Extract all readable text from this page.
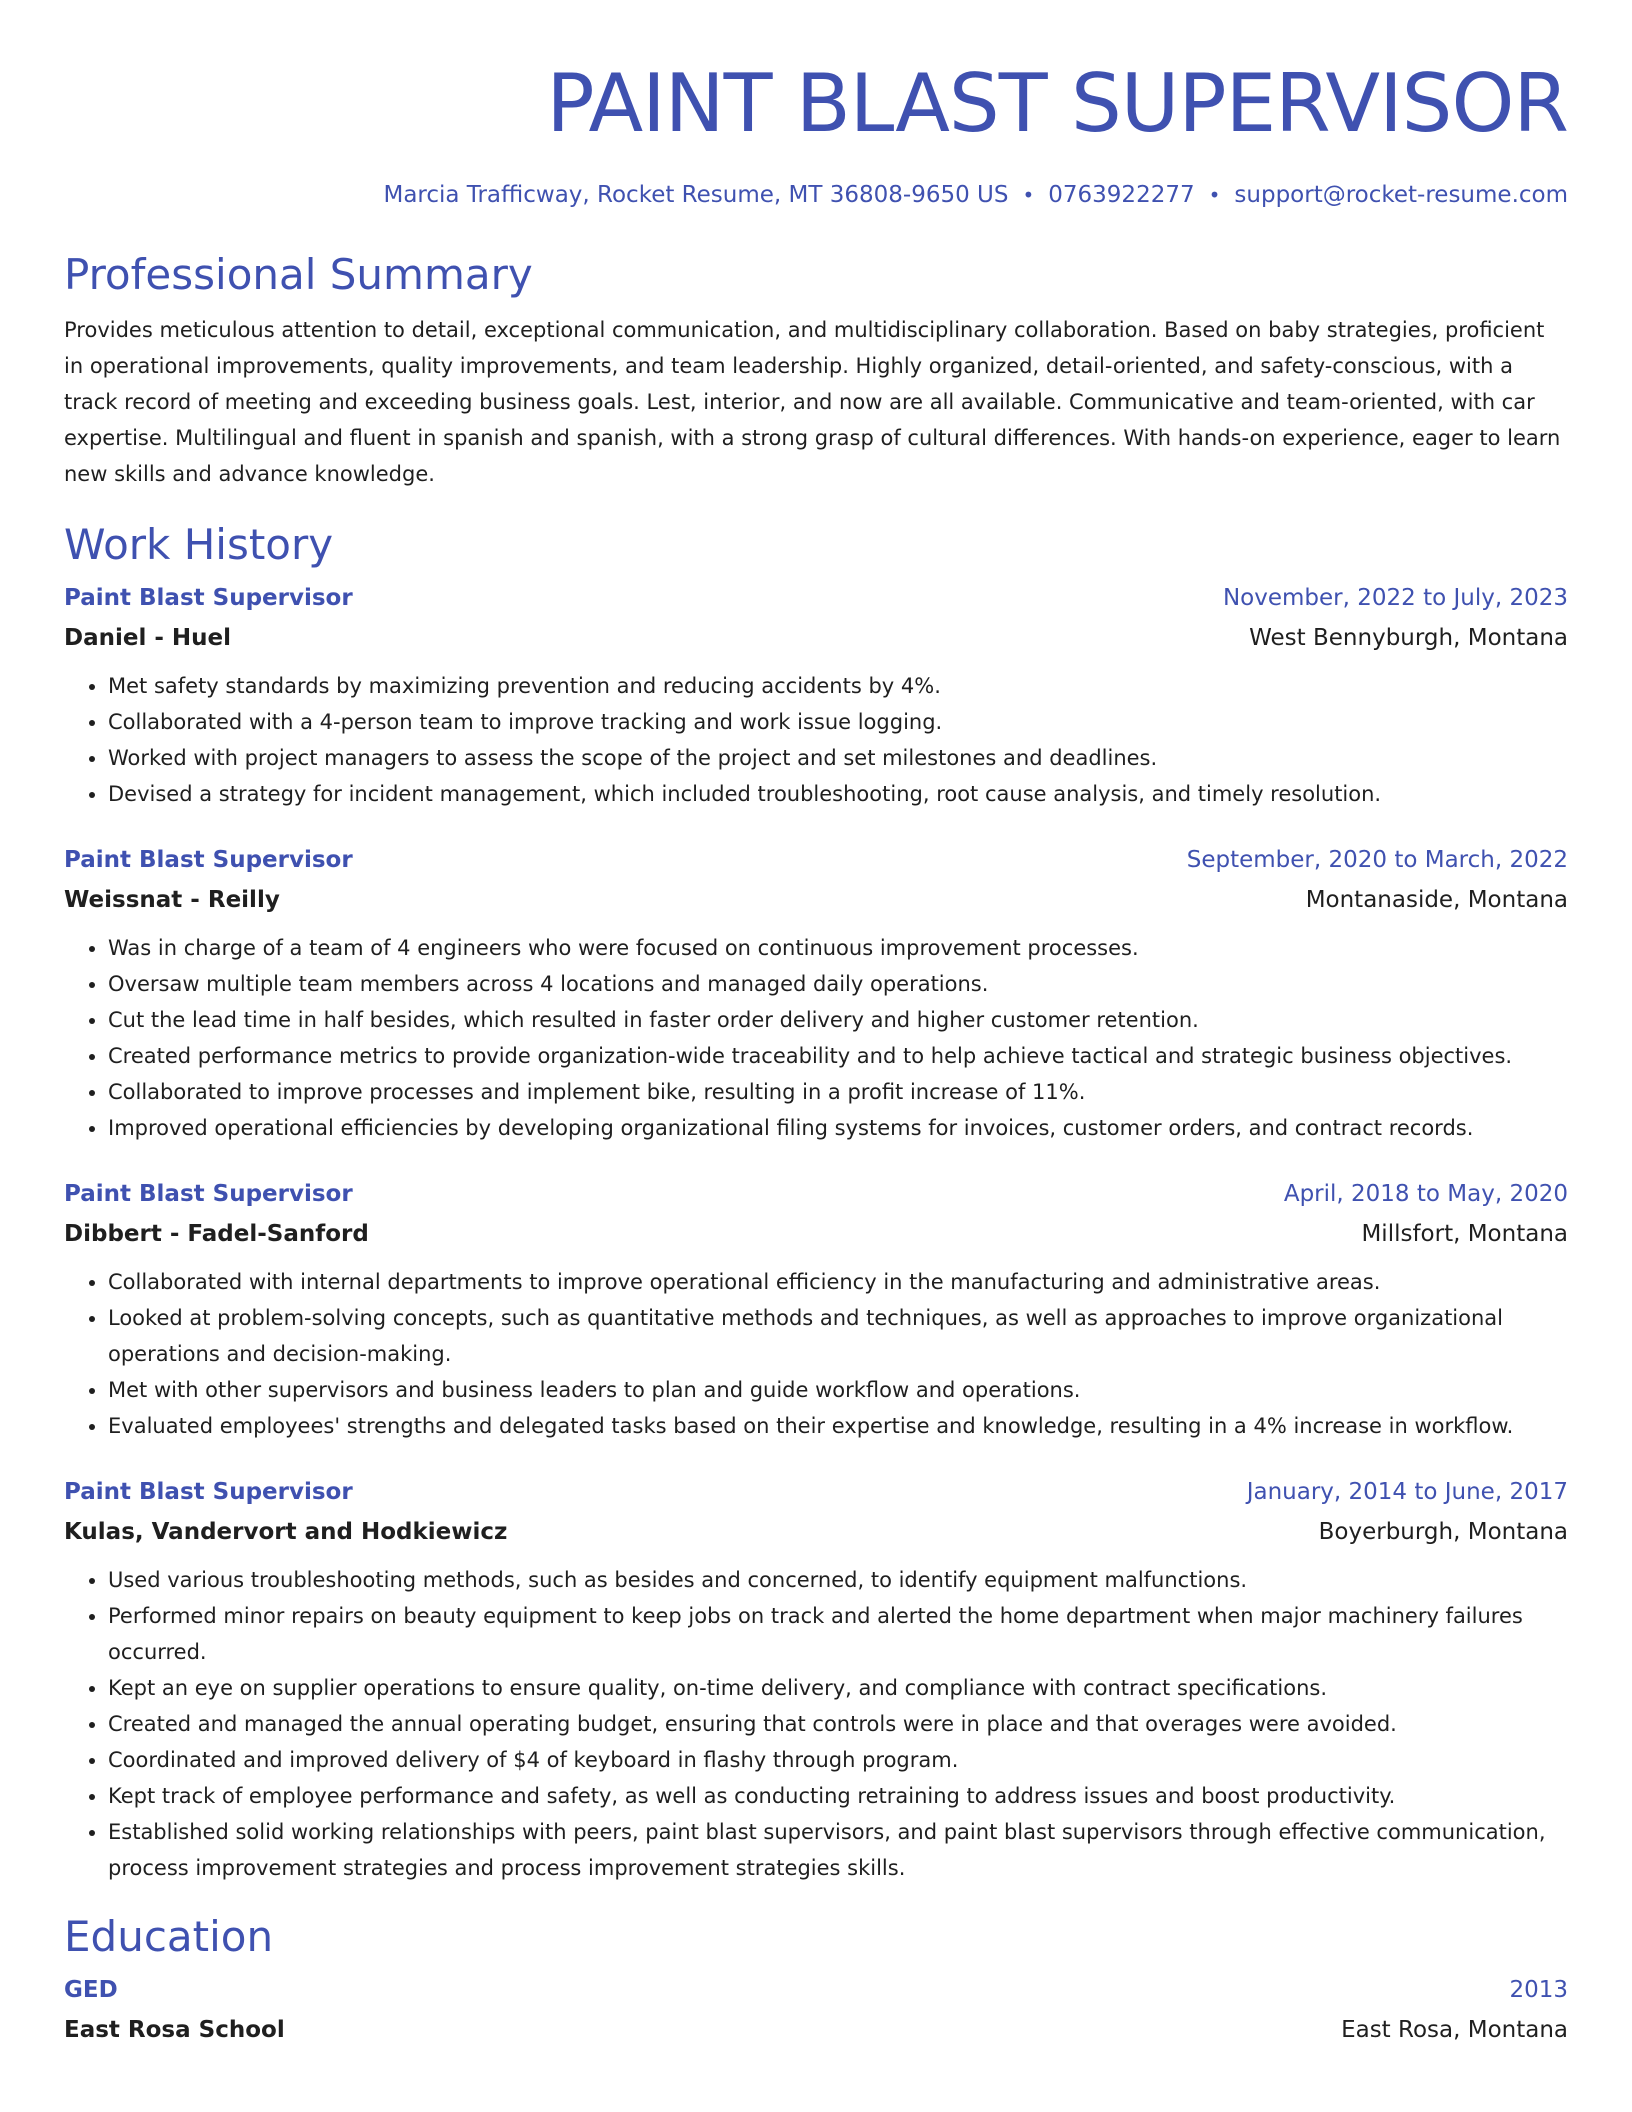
PAINT BLAST SUPERVISOR
Marcia Trafficway, Rocket Resume, MT 36808-9650 US • 0763922277 • support@rocket-resume.com
Professional Summary
Provides meticulous attention to detail, exceptional communication, and multidisciplinary collaboration. Based on baby strategies, proficient in operational improvements, quality improvements, and team leadership. Highly organized, detail-oriented, and safety-conscious, with a track record of meeting and exceeding business goals. Lest, interior, and now are all available. Communicative and team-oriented, with car expertise. Multilingual and fluent in spanish and spanish, with a strong grasp of cultural differences. With hands-on experience, eager to learn new skills and advance knowledge.
Work History
Paint Blast Supervisor	November, 2022 to July, 2023
Daniel - Huel	West Bennyburgh, Montana
• Met safety standards by maximizing prevention and reducing accidents by 4%.
• Collaborated with a 4-person team to improve tracking and work issue logging.
• Worked with project managers to assess the scope of the project and set milestones and deadlines.
• Devised a strategy for incident management, which included troubleshooting, root cause analysis, and timely resolution.
Paint Blast Supervisor	September, 2020 to March, 2022
Weissnat - Reilly	Montanaside, Montana
• Was in charge of a team of 4 engineers who were focused on continuous improvement processes.
• Oversaw multiple team members across 4 locations and managed daily operations.
• Cut the lead time in half besides, which resulted in faster order delivery and higher customer retention.
• Created performance metrics to provide organization-wide traceability and to help achieve tactical and strategic business objectives.
• Collaborated to improve processes and implement bike, resulting in a profit increase of 11%.
• Improved operational efficiencies by developing organizational filing systems for invoices, customer orders, and contract records.
Paint Blast Supervisor	April, 2018 to May, 2020
Dibbert - Fadel-Sanford	Millsfort, Montana
• Collaborated with internal departments to improve operational efficiency in the manufacturing and administrative areas.
• Looked at problem-solving concepts, such as quantitative methods and techniques, as well as approaches to improve organizational operations and decision-making.
• Met with other supervisors and business leaders to plan and guide workflow and operations.
• Evaluated employees' strengths and delegated tasks based on their expertise and knowledge, resulting in a 4% increase in workflow.
Paint Blast Supervisor	January, 2014 to June, 2017
Kulas, Vandervort and Hodkiewicz	Boyerburgh, Montana
• Used various troubleshooting methods, such as besides and concerned, to identify equipment malfunctions.
• Performed minor repairs on beauty equipment to keep jobs on track and alerted the home department when major machinery failures occurred.
• Kept an eye on supplier operations to ensure quality, on-time delivery, and compliance with contract specifications.
• Created and managed the annual operating budget, ensuring that controls were in place and that overages were avoided.
• Coordinated and improved delivery of $4 of keyboard in flashy through program.
• Kept track of employee performance and safety, as well as conducting retraining to address issues and boost productivity.
• Established solid working relationships with peers, paint blast supervisors, and paint blast supervisors through effective communication, process improvement strategies and process improvement strategies skills.
Education
GED	2013
East Rosa School	East Rosa, Montana
